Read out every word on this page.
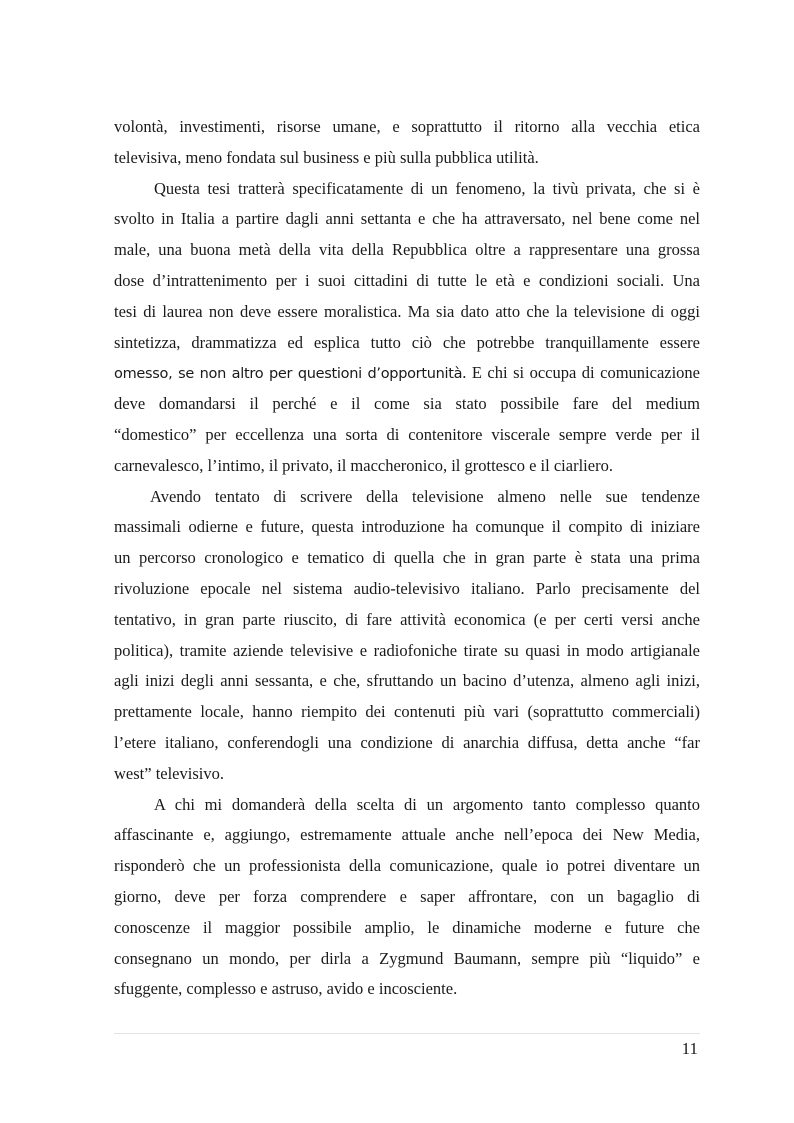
volontà, investimenti, risorse umane, e soprattutto il ritorno alla vecchia etica
televisiva, meno fondata sul business e più sulla pubblica utilità.
Questa tesi tratterà specificatamente di un fenomeno, la tivù privata, che si è
svolto in Italia a partire dagli anni settanta e che ha attraversato, nel bene come nel
male, una buona metà della vita della Repubblica oltre a rappresentare una grossa
dose d’intrattenimento per i suoi cittadini di tutte le età e condizioni sociali. Una
tesi di laurea non deve essere moralistica. Ma sia dato atto che la televisione di oggi
sintetizza, drammatizza ed esplica tutto ciò che potrebbe tranquillamente essere
omesso, se non altro per questioni d’opportunità. E chi si occupa di comunicazione
deve domandarsi il perché e il come sia stato possibile fare del medium
“domestico” per eccellenza una sorta di contenitore viscerale sempre verde per il
carnevalesco, l’intimo, il privato, il maccheronico, il grottesco e il ciarliero.
Avendo tentato di scrivere della televisione almeno nelle sue tendenze
massimali odierne e future, questa introduzione ha comunque il compito di iniziare
un percorso cronologico e tematico di quella che in gran parte è stata una prima
rivoluzione epocale nel sistema audio-televisivo italiano. Parlo precisamente del
tentativo, in gran parte riuscito, di fare attività economica (e per certi versi anche
politica), tramite aziende televisive e radiofoniche tirate su quasi in modo artigianale
agli inizi degli anni sessanta, e che, sfruttando un bacino d’utenza, almeno agli inizi,
prettamente locale, hanno riempito dei contenuti più vari (soprattutto commerciali)
l’etere italiano, conferendogli una condizione di anarchia diffusa, detta anche “far
west” televisivo.
A chi mi domanderà della scelta di un argomento tanto complesso quanto
affascinante e, aggiungo, estremamente attuale anche nell’epoca dei New Media,
risponderò che un professionista della comunicazione, quale io potrei diventare un
giorno, deve per forza comprendere e saper affrontare, con un bagaglio di
conoscenze il maggior possibile amplio, le dinamiche moderne e future che
consegnano un mondo, per dirla a Zygmund Baumann, sempre più “liquido” e
sfuggente, complesso e astruso, avido e incosciente.
11
